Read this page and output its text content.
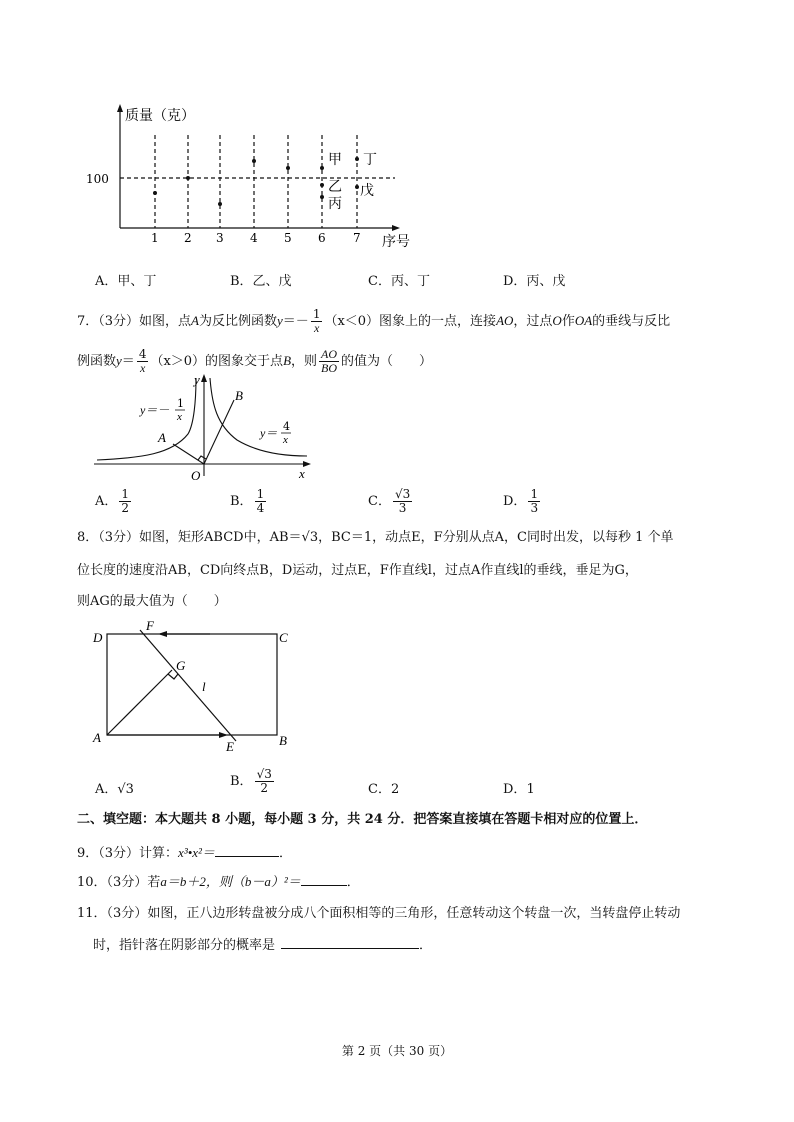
质量（克）
100
序号
1 2 3 4 5 6 7
甲
乙
丙
丁
戊
A．甲、丁	B．乙、戊	C．丙、丁	D．丙、戊
7．（3分）如图，点A为反比例函数$y=- \frac{1}{x} (x<0)$图象上的一点，连接AO，过点O作OA的垂线与反比
例函数$y= \frac{4}{x} (x>0)$的图象交于点B，则 $\frac{AO}{BO}$ 的值为（　　）
y＝－ 1
x
y＝ 4
x
A
B
O	x
y
A． $\frac{1}{2}$	B． $\frac{1}{4}$	C． $\frac{√3}{3}$	D． $\frac{1}{3}$
8．（3分）如图，矩形ABCD中，AB＝√3，BC＝1，动点E，F分别从点A，C同时出发，以每秒 1 个单
位长度的速度沿AB，CD向终点B，D运动，过点E，F作直线l，过点A作直线l的垂线，垂足为G，
则AG的最大值为（　　）
D	C
A	B
F
E
G
l
A．√3
B． $\frac{√3}{2}$	C．2	D．1
二、填空题：本大题共 8 小题，每小题 3 分，共 24 分．把答案直接填在答题卡相对应的位置上．
9．（3分）计算：x³•x²＝	．
10．（3分）若a＝b＋2，则（b－a）²＝	．
11．（3分）如图，正八边形转盘被分成八个面积相等的三角形，任意转动这个转盘一次，当转盘停止转动
时，指针落在阴影部分的概率是	．
第 2 页（共 30 页）
